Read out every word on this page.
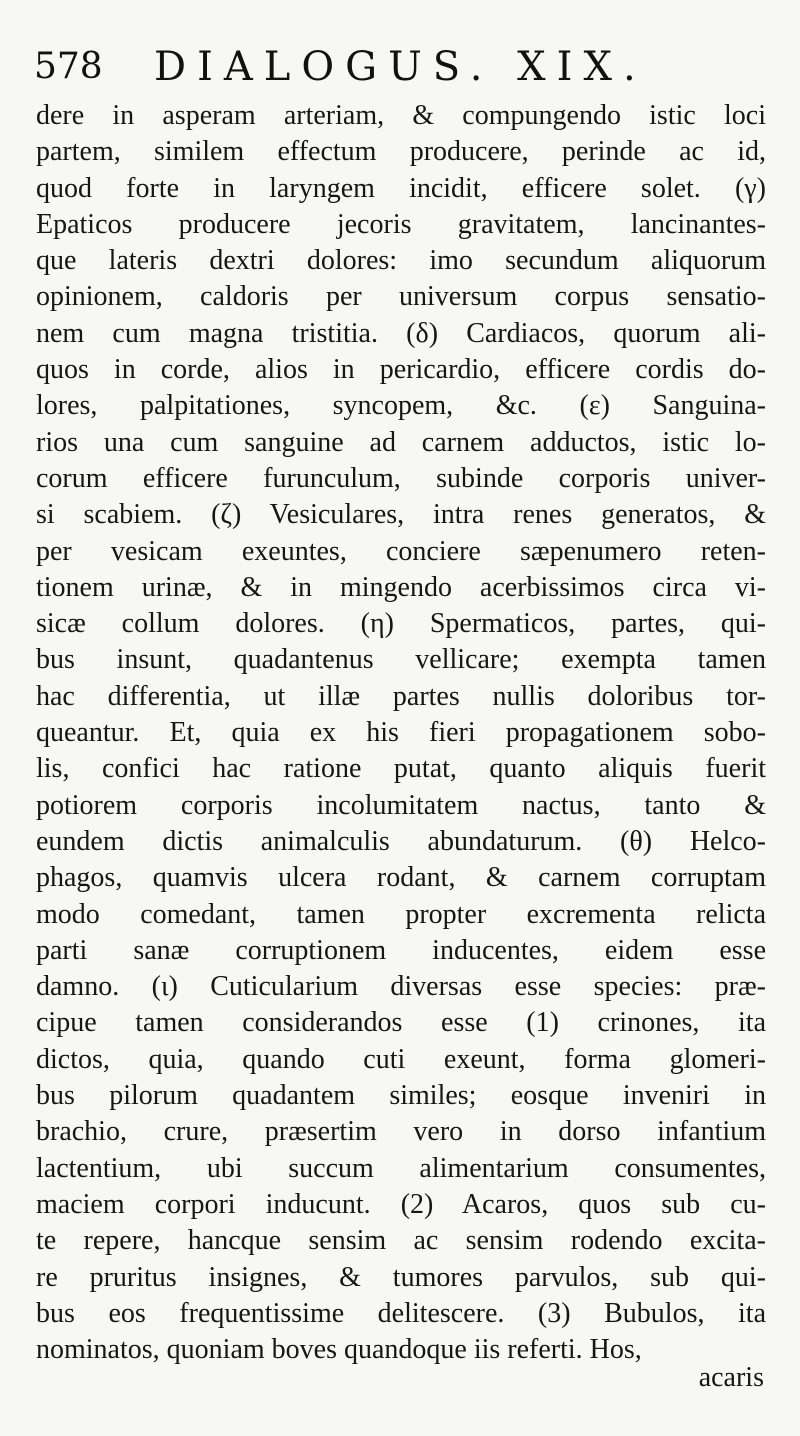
578 DIALOGUS. XIX.
dere in asperam arteriam, & compungendo istic loci
partem, similem effectum producere, perinde ac id,
quod forte in laryngem incidit, efficere solet. (γ)
Epaticos producere jecoris gravitatem, lancinantes-
que lateris dextri dolores: imo secundum aliquorum
opinionem, caldoris per universum corpus sensatio-
nem cum magna tristitia. (δ) Cardiacos, quorum ali-
quos in corde, alios in pericardio, efficere cordis do-
lores, palpitationes, syncopem, &c. (ε) Sanguina-
rios una cum sanguine ad carnem adductos, istic lo-
corum efficere furunculum, subinde corporis univer-
si scabiem. (ζ) Vesiculares, intra renes generatos, &
per vesicam exeuntes, conciere sæpenumero reten-
tionem urinæ, & in mingendo acerbissimos circa vi-
sicæ collum dolores. (η) Spermaticos, partes, qui-
bus insunt, quadantenus vellicare; exempta tamen
hac differentia, ut illæ partes nullis doloribus tor-
queantur. Et, quia ex his fieri propagationem sobo-
lis, confici hac ratione putat, quanto aliquis fuerit
potiorem corporis incolumitatem nactus, tanto &
eundem dictis animalculis abundaturum. (θ) Helco-
phagos, quamvis ulcera rodant, & carnem corruptam
modo comedant, tamen propter excrementa relicta
parti sanæ corruptionem inducentes, eidem esse
damno. (ι) Cuticularium diversas esse species: præ-
cipue tamen considerandos esse (1) crinones, ita
dictos, quia, quando cuti exeunt, forma glomeri-
bus pilorum quadantem similes; eosque inveniri in
brachio, crure, præsertim vero in dorso infantium
lactentium, ubi succum alimentarium consumentes,
maciem corpori inducunt. (2) Acaros, quos sub cu-
te repere, hancque sensim ac sensim rodendo excita-
re pruritus insignes, & tumores parvulos, sub qui-
bus eos frequentissime delitescere. (3) Bubulos, ita
nominatos, quoniam boves quandoque iis referti. Hos,
acaris
